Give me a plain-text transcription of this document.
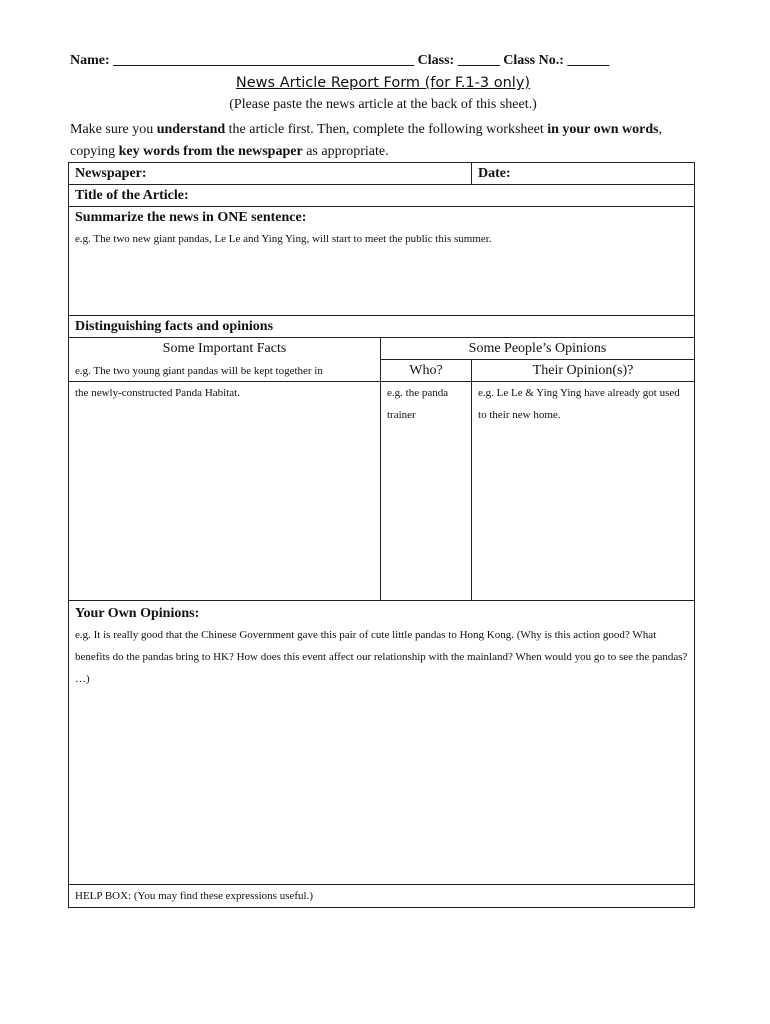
Name: ___________________________________________ Class: ______ Class No.: ______
News Article Report Form (for F.1-3 only)
(Please paste the news article at the back of this sheet.)
Make sure you understand the article first. Then, complete the following worksheet in your own words, copying key words from the newspaper as appropriate.
Newspaper:		Date:
Title of the Article:		

Summarize the news in ONE sentence:
e.g. The two new giant pandas, Le Le and Ying Ying, will start to meet the public this summer.		

Distinguishing facts and opinions		
Some Important Facts	Some People’s Opinions	
	Who?	Their Opinion(s)?

e.g. The two young giant pandas will be kept together in
the newly-constructed Panda Habitat.	e.g. the panda trainer	e.g. Le Le & Ying Ying have already got used to their new home.

Your Own Opinions:
e.g. It is really good that the Chinese Government gave this pair of cute little pandas to Hong Kong. (Why is this action good? What benefits do the pandas bring to HK? How does this event affect our relationship with the mainland? When would you go to see the pandas? …)		

HELP BOX: (You may find these expressions useful.)		
